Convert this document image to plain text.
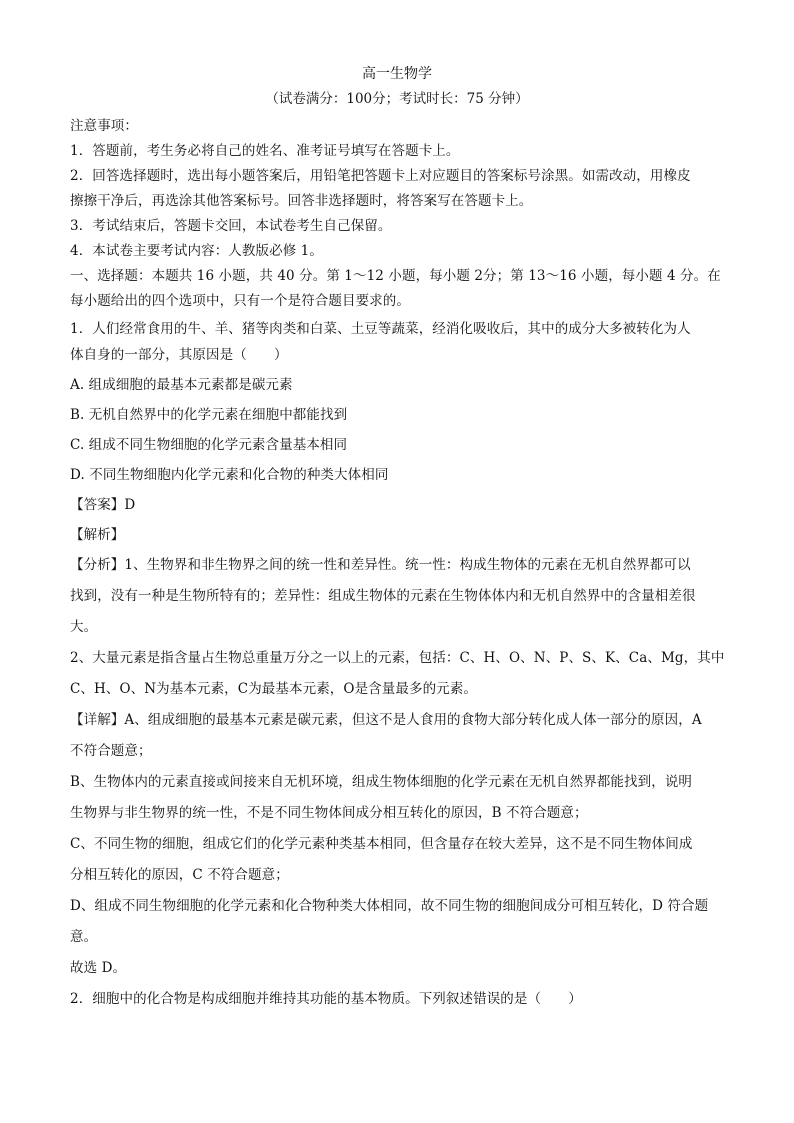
高一生物学
（试卷满分：100分；考试时长：75 分钟）

注意事项：

1．答题前，考生务必将自己的姓名、准考证号填写在答题卡上。

2．回答选择题时，选出每小题答案后，用铅笔把答题卡上对应题目的答案标号涂黑。如需改动，用橡皮

擦擦干净后，再选涂其他答案标号。回答非选择题时，将答案写在答题卡上。

3．考试结束后，答题卡交回，本试卷考生自己保留。

4．本试卷主要考试内容：人教版必修 1。

一、选择题：本题共 16 小题，共 40 分。第 1～12 小题，每小题 2分；第 13～16 小题，每小题 4 分。在

每小题给出的四个选项中，只有一个是符合题目要求的。

1．人们经常食用的牛、羊、猪等肉类和白菜、土豆等蔬菜，经消化吸收后，其中的成分大多被转化为人

体自身的一部分，其原因是（　　）

A. 组成细胞的最基本元素都是碳元素

B. 无机自然界中的化学元素在细胞中都能找到

C. 组成不同生物细胞的化学元素含量基本相同

D. 不同生物细胞内化学元素和化合物的种类大体相同

【答案】D

【解析】

【分析】1、生物界和非生物界之间的统一性和差异性。统一性：构成生物体的元素在无机自然界都可以

找到，没有一种是生物所特有的；差异性：组成生物体的元素在生物体体内和无机自然界中的含量相差很

大。

2、大量元素是指含量占生物总重量万分之一以上的元素，包括：C、H、O、N、P、S、K、Ca、Mg，其中

C、H、O、N为基本元素，C为最基本元素，O是含量最多的元素。

【详解】A、组成细胞的最基本元素是碳元素，但这不是人食用的食物大部分转化成人体一部分的原因，A

不符合题意；

B、生物体内的元素直接或间接来自无机环境，组成生物体细胞的化学元素在无机自然界都能找到，说明

生物界与非生物界的统一性，不是不同生物体间成分相互转化的原因，B 不符合题意；

C、不同生物的细胞，组成它们的化学元素种类基本相同，但含量存在较大差异，这不是不同生物体间成

分相互转化的原因，C 不符合题意；

D、组成不同生物细胞的化学元素和化合物种类大体相同，故不同生物的细胞间成分可相互转化，D 符合题

意。

故选 D。

2．细胞中的化合物是构成细胞并维持其功能的基本物质。下列叙述错误的是（　　）
